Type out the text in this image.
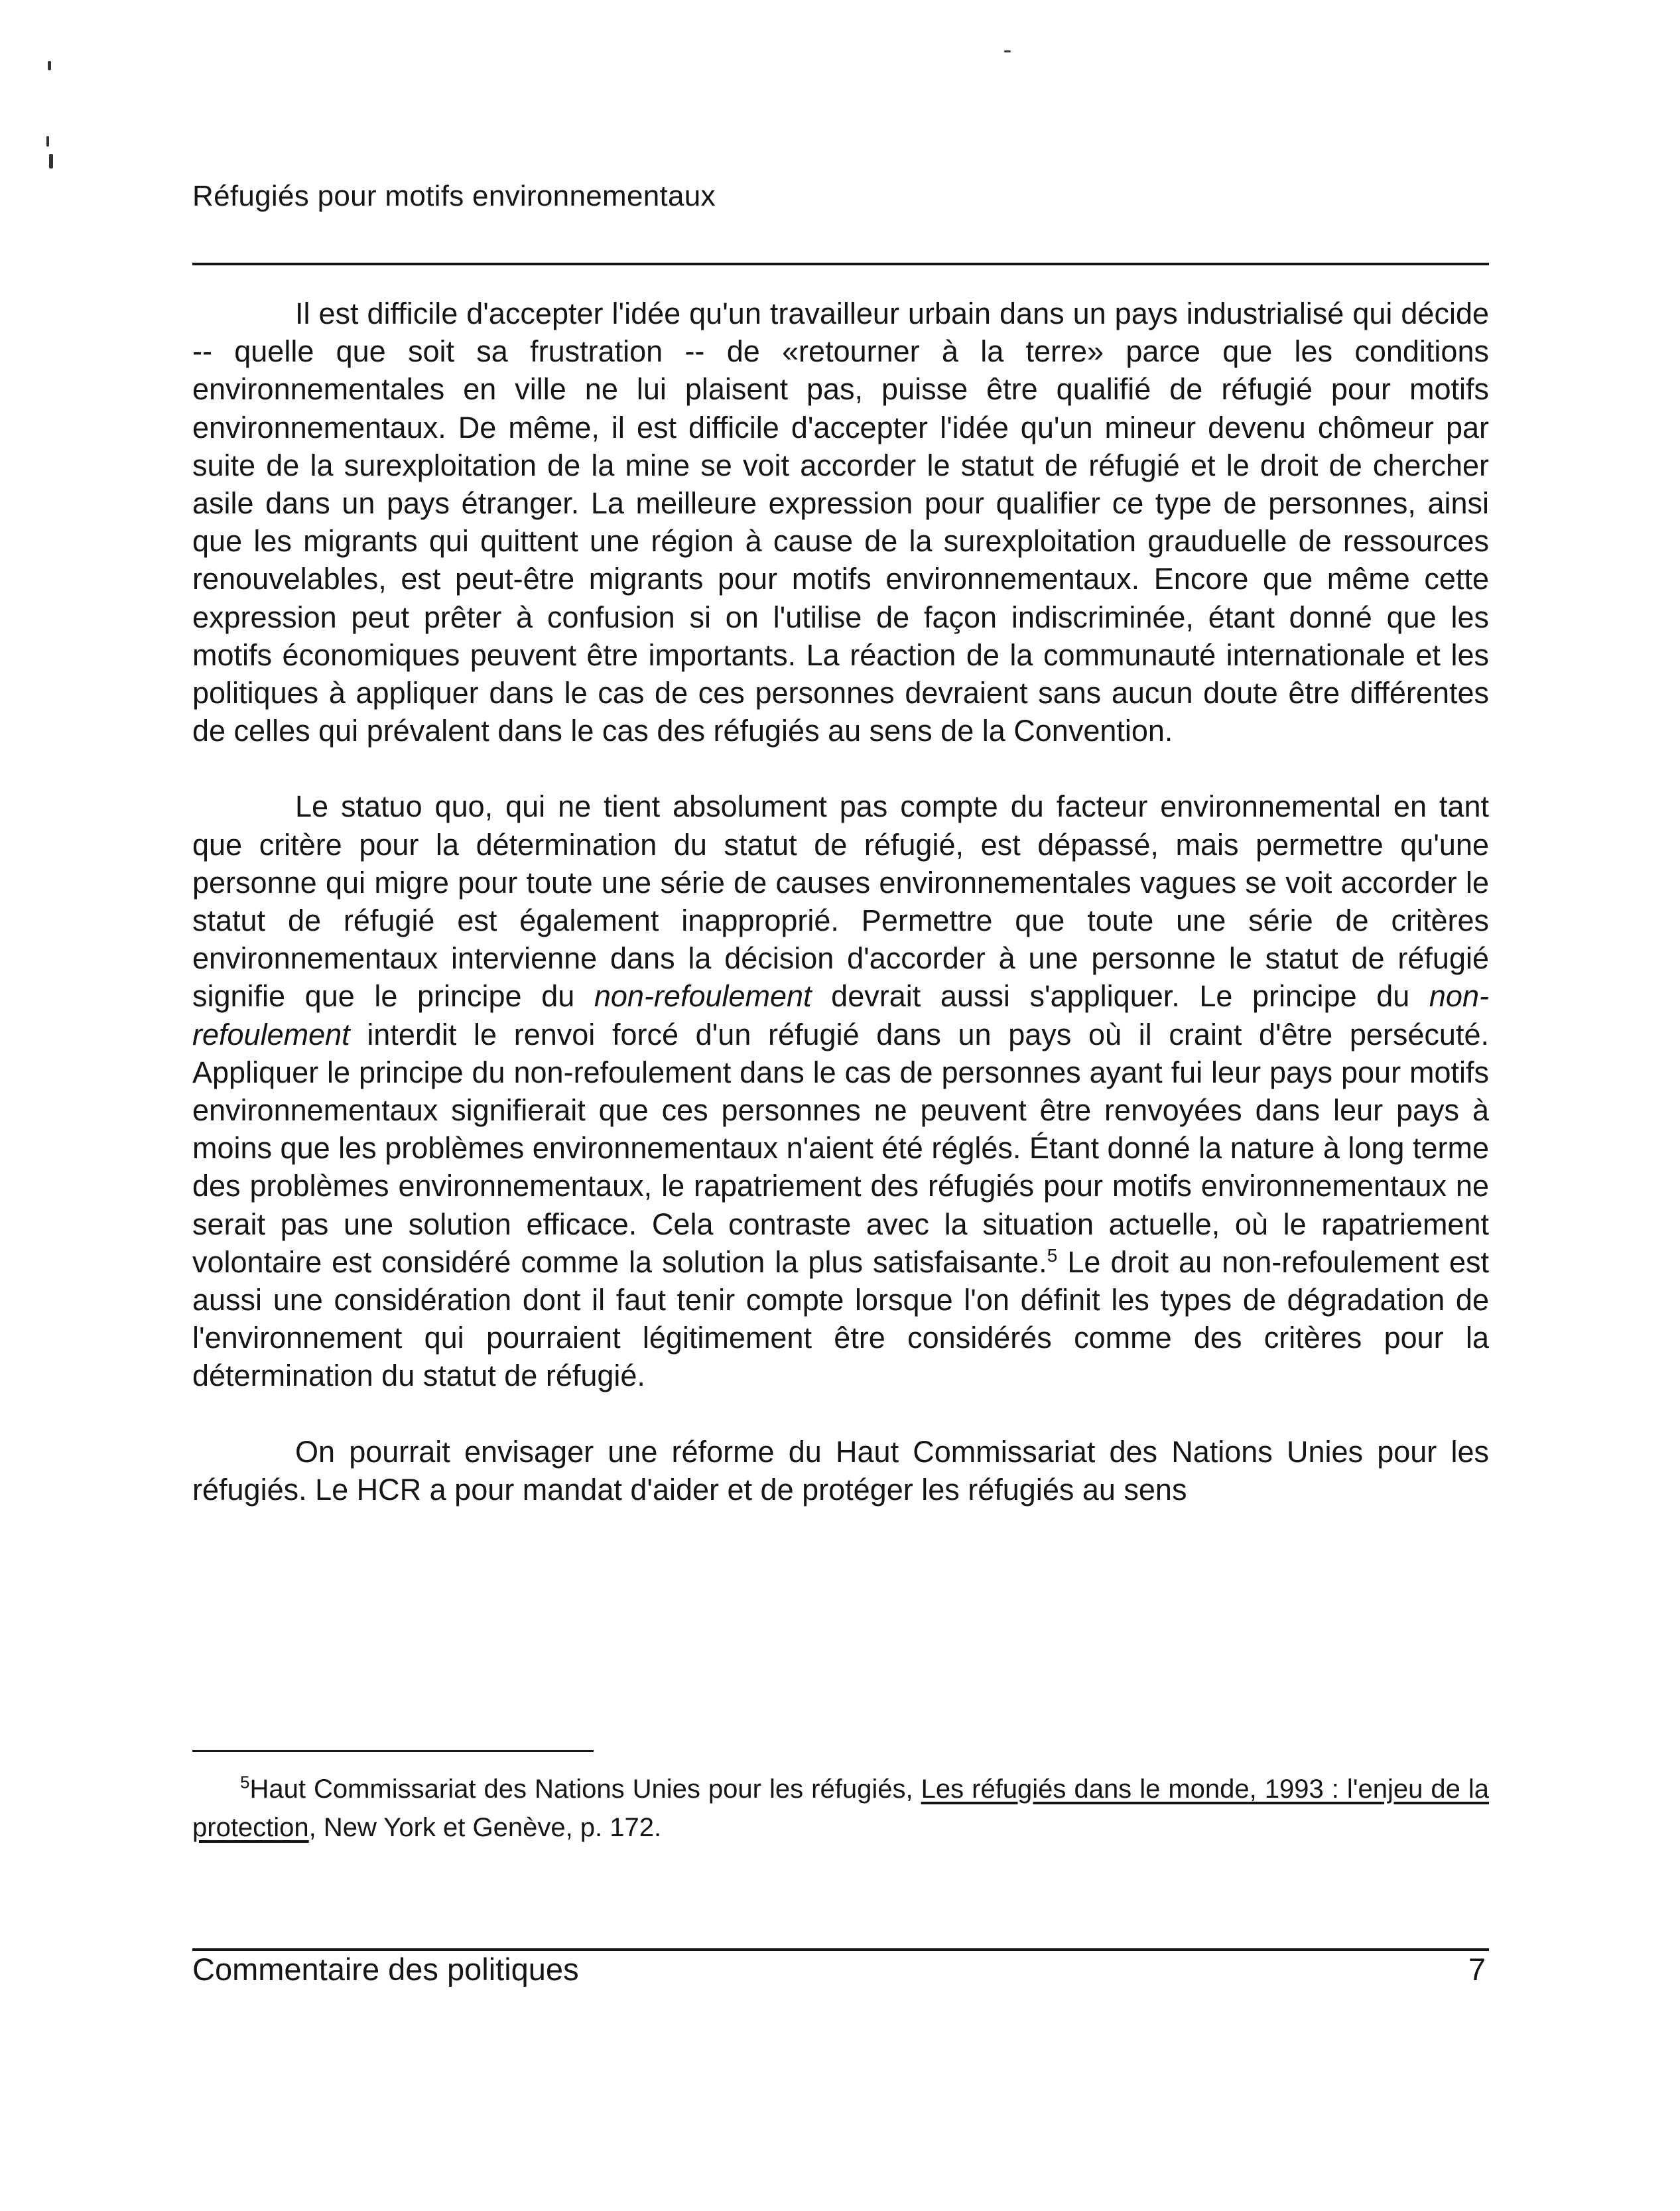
Réfugiés pour motifs environnementaux

Il est difficile d'accepter l'idée qu'un travailleur urbain dans un pays industrialisé qui décide -- quelle que soit sa frustration -- de «retourner à la terre» parce que les conditions environnementales en ville ne lui plaisent pas, puisse être qualifié de réfugié pour motifs environnementaux. De même, il est difficile d'accepter l'idée qu'un mineur devenu chômeur par suite de la surexploitation de la mine se voit accorder le statut de réfugié et le droit de chercher asile dans un pays étranger. La meilleure expression pour qualifier ce type de personnes, ainsi que les migrants qui quittent une région à cause de la surexploitation grauduelle de ressources renouvelables, est peut-être migrants pour motifs environnementaux. Encore que même cette expression peut prêter à confusion si on l'utilise de façon indiscriminée, étant donné que les motifs économiques peuvent être importants. La réaction de la communauté internationale et les politiques à appliquer dans le cas de ces personnes devraient sans aucun doute être différentes de celles qui prévalent dans le cas des réfugiés au sens de la Convention.

Le statuo quo, qui ne tient absolument pas compte du facteur environnemental en tant que critère pour la détermination du statut de réfugié, est dépassé, mais permettre qu'une personne qui migre pour toute une série de causes environnementales vagues se voit accorder le statut de réfugié est également inapproprié. Permettre que toute une série de critères environnementaux intervienne dans la décision d'accorder à une personne le statut de réfugié signifie que le principe du non-refoulement devrait aussi s'appliquer. Le principe du non-refoulement interdit le renvoi forcé d'un réfugié dans un pays où il craint d'être persécuté. Appliquer le principe du non-refoulement dans le cas de personnes ayant fui leur pays pour motifs environnementaux signifierait que ces personnes ne peuvent être renvoyées dans leur pays à moins que les problèmes environnementaux n'aient été réglés. Étant donné la nature à long terme des problèmes environnementaux, le rapatriement des réfugiés pour motifs environnementaux ne serait pas une solution efficace. Cela contraste avec la situation actuelle, où le rapatriement volontaire est considéré comme la solution la plus satisfaisante.$^5$ Le droit au non-refoulement est aussi une considération dont il faut tenir compte lorsque l'on définit les types de dégradation de l'environnement qui pourraient légitimement être considérés comme des critères pour la détermination du statut de réfugié.

On pourrait envisager une réforme du Haut Commissariat des Nations Unies pour les réfugiés. Le HCR a pour mandat d'aider et de protéger les réfugiés au sens

$^5$Haut Commissariat des Nations Unies pour les réfugiés, Les réfugiés dans le monde, 1993 : l'enjeu de la protection, New York et Genève, p. 172.
Commentaire des politiques	7
